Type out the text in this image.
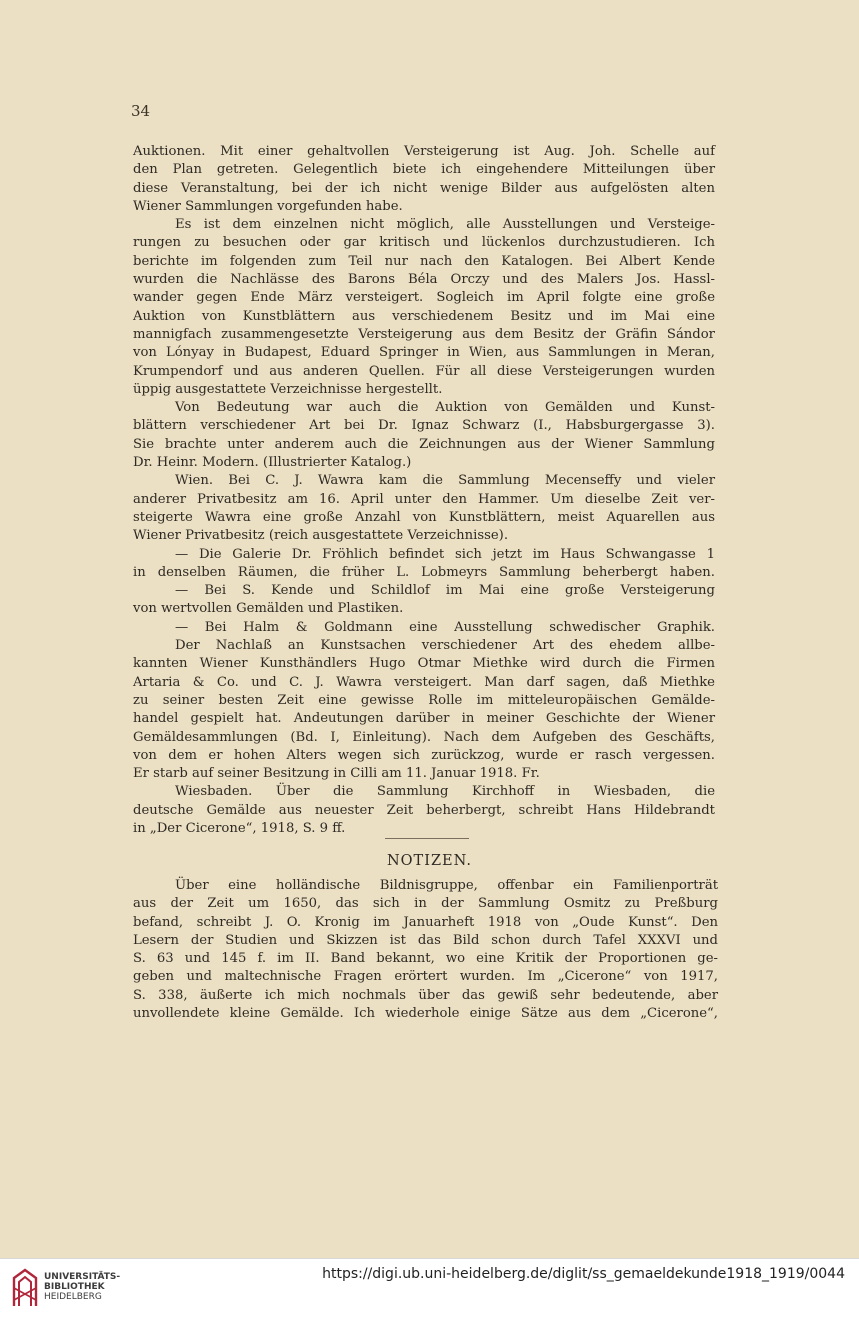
34
Auktionen. Mit einer gehaltvollen Versteigerung ist Aug. Joh. Schelle auf
den Plan getreten. Gelegentlich biete ich eingehendere Mitteilungen über
diese Veranstaltung, bei der ich nicht wenige Bilder aus aufgelösten alten
Wiener Sammlungen vorgefunden habe.
Es ist dem einzelnen nicht möglich, alle Ausstellungen und Versteige-
rungen zu besuchen oder gar kritisch und lückenlos durchzustudieren. Ich
berichte im folgenden zum Teil nur nach den Katalogen. Bei Albert Kende
wurden die Nachlässe des Barons Béla Orczy und des Malers Jos. Hassl-
wander gegen Ende März versteigert. Sogleich im April folgte eine große
Auktion von Kunstblättern aus verschiedenem Besitz und im Mai eine
mannigfach zusammengesetzte Versteigerung aus dem Besitz der Gräfin Sándor
von Lónyay in Budapest, Eduard Springer in Wien, aus Sammlungen in Meran,
Krumpendorf und aus anderen Quellen. Für all diese Versteigerungen wurden
üppig ausgestattete Verzeichnisse hergestellt.
Von Bedeutung war auch die Auktion von Gemälden und Kunst-
blättern verschiedener Art bei Dr. Ignaz Schwarz (I., Habsburgergasse 3).
Sie brachte unter anderem auch die Zeichnungen aus der Wiener Sammlung
Dr. Heinr. Modern. (Illustrierter Katalog.)
Wien. Bei C. J. Wawra kam die Sammlung Mecenseffy und vieler
anderer Privatbesitz am 16. April unter den Hammer. Um dieselbe Zeit ver-
steigerte Wawra eine große Anzahl von Kunstblättern, meist Aquarellen aus
Wiener Privatbesitz (reich ausgestattete Verzeichnisse).
— Die Galerie Dr. Fröhlich befindet sich jetzt im Haus Schwangasse 1
in denselben Räumen, die früher L. Lobmeyrs Sammlung beherbergt haben.
— Bei S. Kende und Schildlof im Mai eine große Versteigerung
von wertvollen Gemälden und Plastiken.
— Bei Halm & Goldmann eine Ausstellung schwedischer Graphik.
Der Nachlaß an Kunstsachen verschiedener Art des ehedem allbe-
kannten Wiener Kunsthändlers Hugo Otmar Miethke wird durch die Firmen
Artaria & Co. und C. J. Wawra versteigert. Man darf sagen, daß Miethke
zu seiner besten Zeit eine gewisse Rolle im mitteleuropäischen Gemälde-
handel gespielt hat. Andeutungen darüber in meiner Geschichte der Wiener
Gemäldesammlungen (Bd. I, Einleitung). Nach dem Aufgeben des Geschäfts,
von dem er hohen Alters wegen sich zurückzog, wurde er rasch vergessen.
Er starb auf seiner Besitzung in Cilli am 11. Januar 1918. Fr.
Wiesbaden. Über die Sammlung Kirchhoff in Wiesbaden, die
deutsche Gemälde aus neuester Zeit beherbergt, schreibt Hans Hildebrandt
in „Der Cicerone“, 1918, S. 9 ff.
NOTIZEN.
Über eine holländische Bildnisgruppe, offenbar ein Familienporträt
aus der Zeit um 1650, das sich in der Sammlung Osmitz zu Preßburg
befand, schreibt J. O. Kronig im Januarheft 1918 von „Oude Kunst“. Den
Lesern der Studien und Skizzen ist das Bild schon durch Tafel XXXVI und
S. 63 und 145 f. im II. Band bekannt, wo eine Kritik der Proportionen ge-
geben und maltechnische Fragen erörtert wurden. Im „Cicerone“ von 1917,
S. 338, äußerte ich mich nochmals über das gewiß sehr bedeutende, aber
unvollendete kleine Gemälde. Ich wiederhole einige Sätze aus dem „Cicerone“,
UNIVERSITÄTS-
BIBLIOTHEK
HEIDELBERG
https://digi.ub.uni-heidelberg.de/diglit/ss_gemaeldekunde1918_1919/0044
